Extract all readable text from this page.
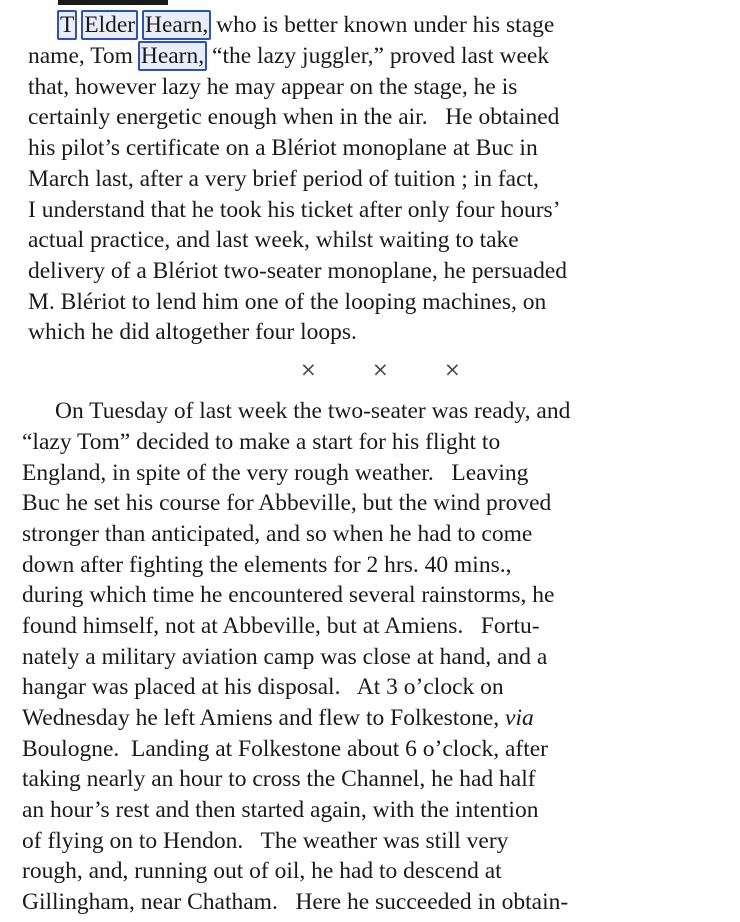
T Elder Hearn, who is better known under his stage
name, Tom Hearn, “the lazy juggler,” proved last week
that, however lazy he may appear on the stage, he is
certainly energetic enough when in the air.   He obtained
his pilot’s certificate on a Blériot monoplane at Buc in
March last, after a very brief period of tuition ; in fact,
I understand that he took his ticket after only four hours’
actual practice, and last week, whilst waiting to take
delivery of a Blériot two-seater monoplane, he persuaded
M. Blériot to lend him one of the looping machines, on
which he did altogether four loops.
×	×	×
On Tuesday of last week the two-seater was ready, and
“lazy Tom” decided to make a start for his flight to
England, in spite of the very rough weather.   Leaving
Buc he set his course for Abbeville, but the wind proved
stronger than anticipated, and so when he had to come
down after fighting the elements for 2 hrs. 40 mins.,
during which time he encountered several rainstorms, he
found himself, not at Abbeville, but at Amiens.   Fortu-
nately a military aviation camp was close at hand, and a
hangar was placed at his disposal.   At 3 o’clock on
Wednesday he left Amiens and flew to Folkestone, via
Boulogne.  Landing at Folkestone about 6 o’clock, after
taking nearly an hour to cross the Channel, he had half
an hour’s rest and then started again, with the intention
of flying on to Hendon.   The weather was still very
rough, and, running out of oil, he had to descend at
Gillingham, near Chatham.   Here he succeeded in obtain-
